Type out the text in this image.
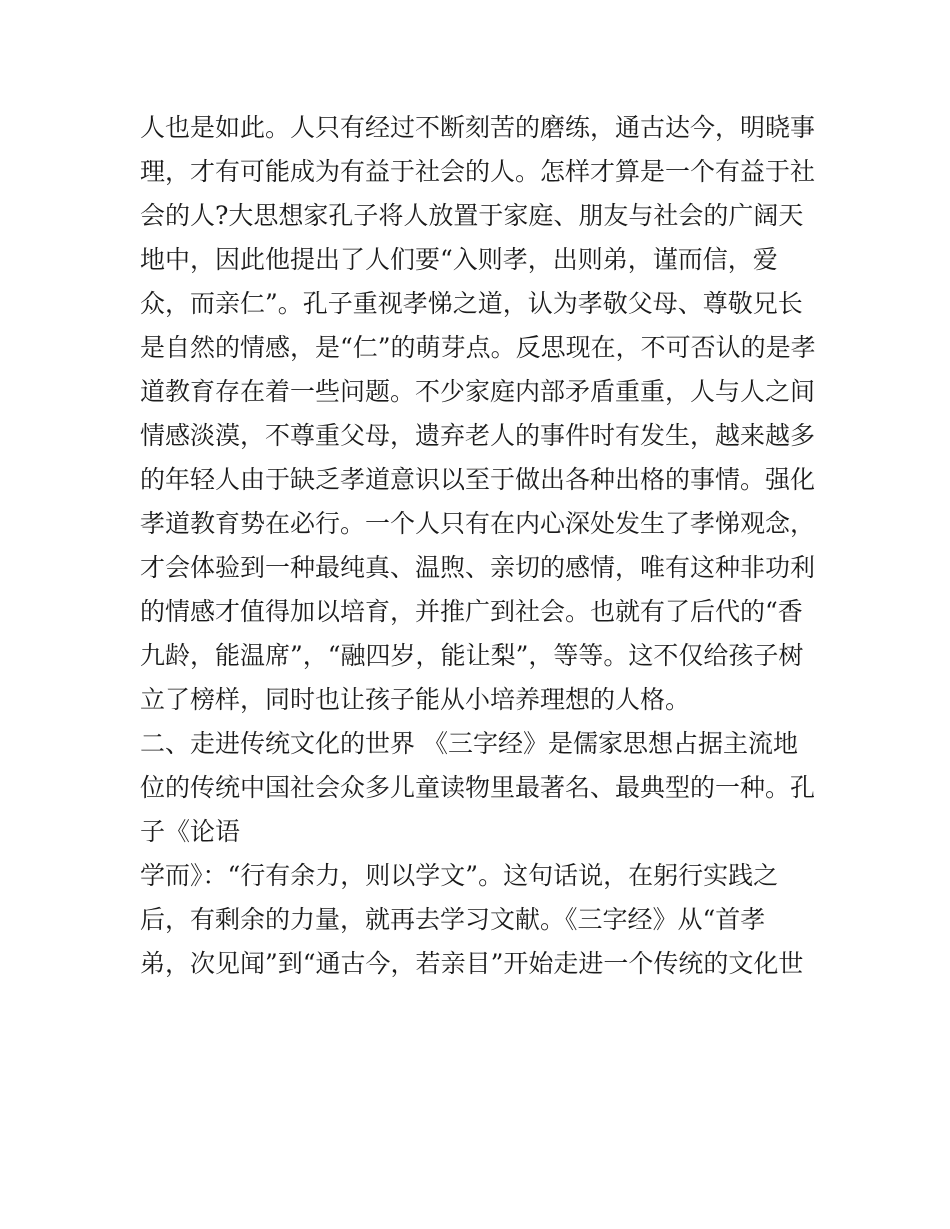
人也是如此。人只有经过不断刻苦的磨练，通古达今，明晓事
理，才有可能成为有益于社会的人。怎样才算是一个有益于社
会的人?大思想家孔子将人放置于家庭、朋友与社会的广阔天
地中，因此他提出了人们要“入则孝，出则弟，谨而信，爱
众，而亲仁”。孔子重视孝悌之道，认为孝敬父母、尊敬兄长
是自然的情感，是“仁”的萌芽点。反思现在，不可否认的是孝
道教育存在着一些问题。不少家庭内部矛盾重重，人与人之间
情感淡漠，不尊重父母，遗弃老人的事件时有发生，越来越多
的年轻人由于缺乏孝道意识以至于做出各种出格的事情。强化
孝道教育势在必行。一个人只有在内心深处发生了孝悌观念，
才会体验到一种最纯真、温煦、亲切的感情，唯有这种非功利
的情感才值得加以培育，并推广到社会。也就有了后代的“香
九龄，能温席”，“融四岁，能让梨”，等等。这不仅给孩子树
立了榜样，同时也让孩子能从小培养理想的人格。
二、走进传统文化的世界 《三字经》是儒家思想占据主流地
位的传统中国社会众多儿童读物里最著名、最典型的一种。孔
子《论语
学而》：“行有余力，则以学文”。这句话说，在躬行实践之
后，有剩余的力量，就再去学习文献。《三字经》从“首孝
弟，次见闻”到“通古今，若亲目”开始走进一个传统的文化世
